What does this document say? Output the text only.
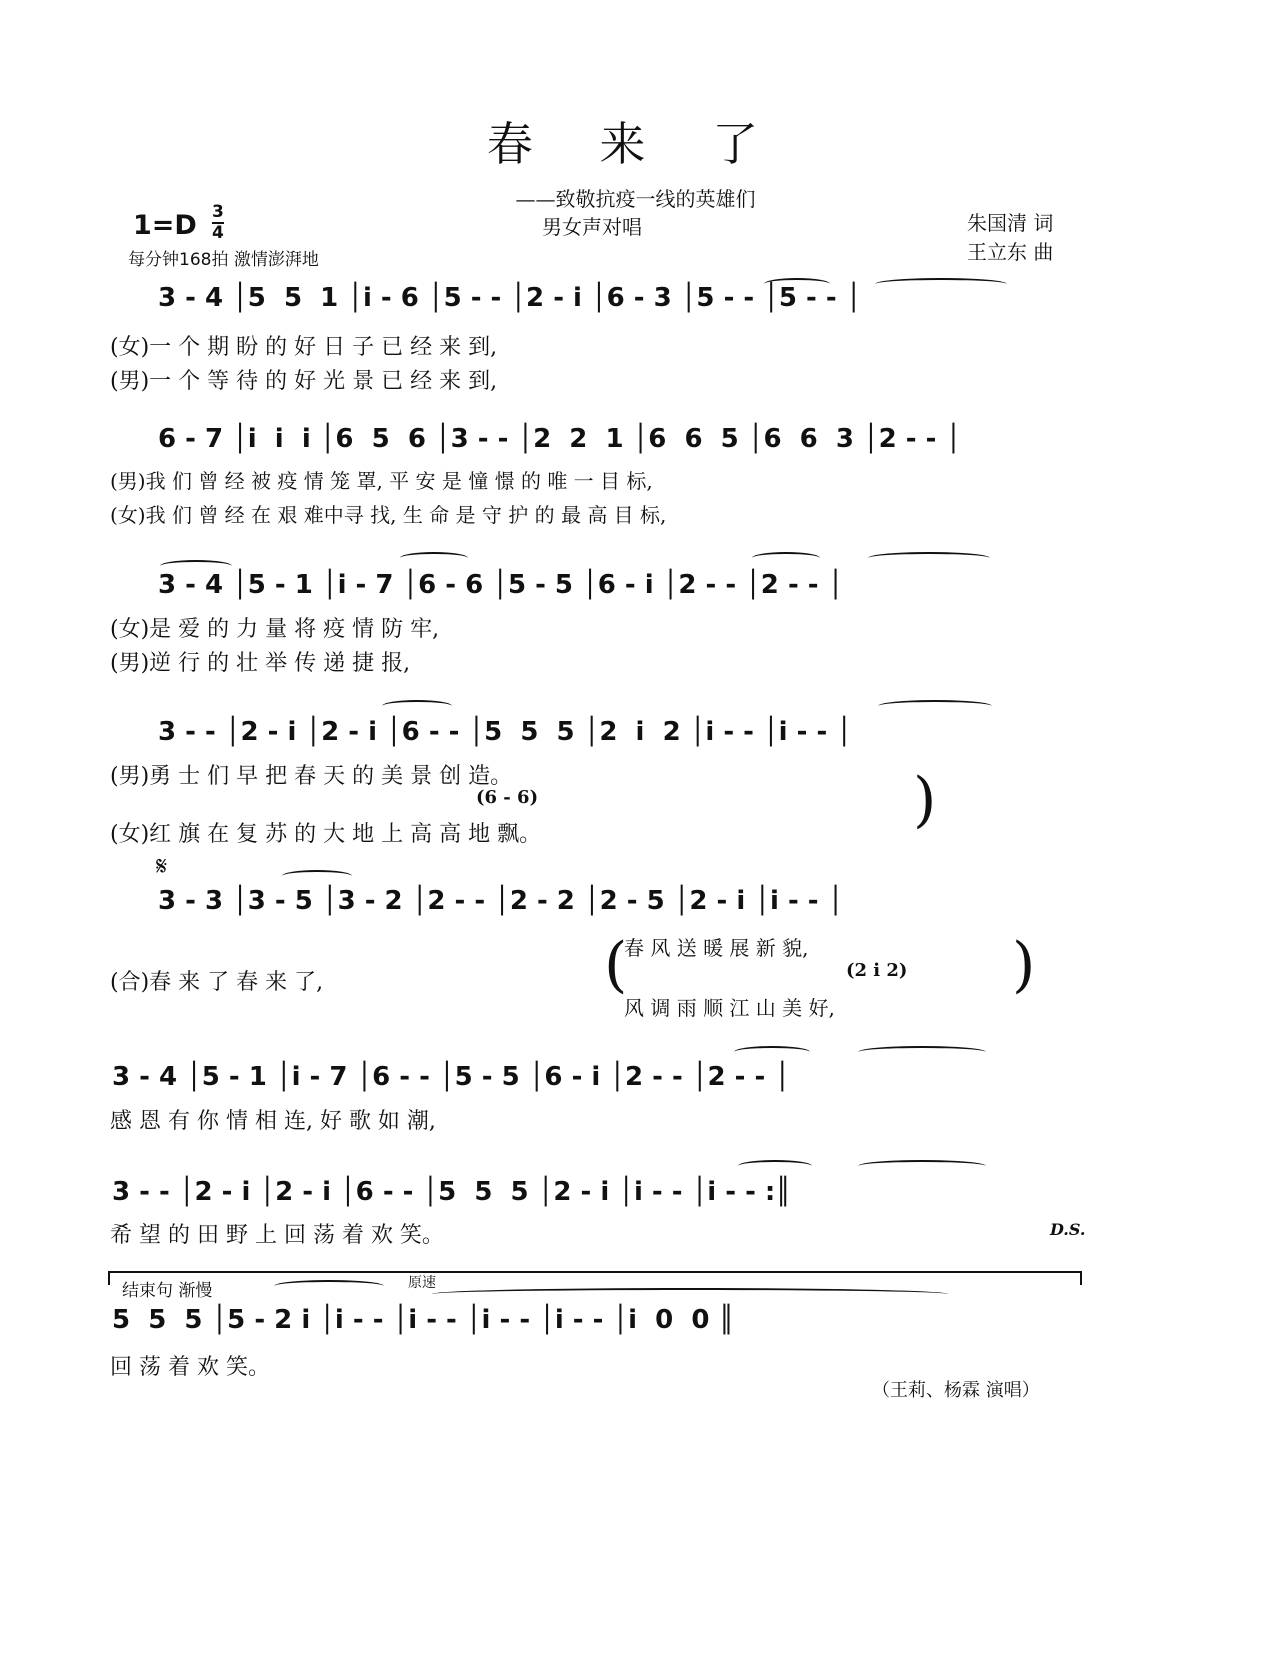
春 来 了
——致敬抗疫一线的英雄们
男女声对唱	朱国清 词
王立东 曲
1=D 3
4
每分钟168拍 激情澎湃地
3 - 4 │5  5  1 │i - 6 │5 - - │2 - i │6 - 3 │5 - - │5 - - │
(女)一 个 期 盼 的 好 日 子 已 经 来 到,
(男)一 个 等 待 的 好 光 景 已 经 来 到,
6 - 7 │i  i  i │6  5  6 │3 - - │2  2  1 │6  6  5 │6  6  3 │2 - - │
(男)我 们 曾 经 被 疫 情 笼 罩, 平 安 是 憧 憬 的 唯 一 目 标,
(女)我 们 曾 经 在 艰 难中寻 找, 生 命 是 守 护 的 最 高 目 标,
3 - 4 │5 - 1 │i - 7 │6 - 6 │5 - 5 │6 - i │2 - - │2 - - │
(女)是 爱 的 力 量 将 疫 情 防 牢,
(男)逆 行 的 壮 举 传 递 捷 报,
3 - - │2 - i │2 - i │6 - - │5  5  5 │2  i  2 │i - - │i - - │
(男)勇 士 们 早 把 春 天 的 美 景 创 造。
(6 - 6)
(女)红 旗 在 复 苏 的 大 地 上 高 高 地 飘。	)
𝄋
3 - 3 │3 - 5 │3 - 2 │2 - - │2 - 2 │2 - 5 │2 - i │i - - │
(合)春 来 了 春 来 了,
春 风 送 暖 展 新 貌,
(2 i 2)
风 调 雨 顺 江 山 美 好,
(	)
3 - 4 │5 - 1 │i - 7 │6 - - │5 - 5 │6 - i │2 - - │2 - - │
感 恩 有 你 情 相 连, 好 歌 如 潮,
3 - - │2 - i │2 - i │6 - - │5  5  5 │2 - i │i - - │i - - :║
希 望 的 田 野 上 回 荡 着 欢 笑。	D.S.
结束句 渐慢	原速
5  5  5 │5 - 2 i │i - - │i - - │i - - │i - - │i  0  0 ║
回 荡 着 欢 笑。
（王莉、杨霖 演唱）
